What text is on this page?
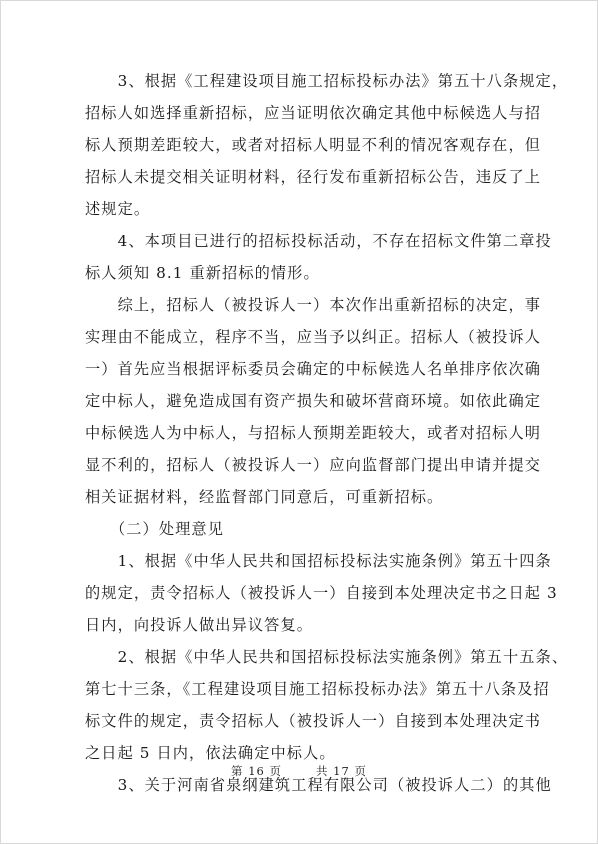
　　3、根据《工程建设项目施工招标投标办法》第五十八条规定，
招标人如选择重新招标，应当证明依次确定其他中标候选人与招
标人预期差距较大，或者对招标人明显不利的情况客观存在，但
招标人未提交相关证明材料，径行发布重新招标公告，违反了上
述规定。
　　4、本项目已进行的招标投标活动，不存在招标文件第二章投
标人须知 8.1 重新招标的情形。
　　综上，招标人（被投诉人一）本次作出重新招标的决定，事
实理由不能成立，程序不当，应当予以纠正。招标人（被投诉人
一）首先应当根据评标委员会确定的中标候选人名单排序依次确
定中标人，避免造成国有资产损失和破坏营商环境。如依此确定
中标候选人为中标人，与招标人预期差距较大，或者对招标人明
显不利的，招标人（被投诉人一）应向监督部门提出申请并提交
相关证据材料，经监督部门同意后，可重新招标。
　　（二）处理意见
　　1、根据《中华人民共和国招标投标法实施条例》第五十四条
的规定，责令招标人（被投诉人一）自接到本处理决定书之日起 3
日内，向投诉人做出异议答复。
　　2、根据《中华人民共和国招标投标法实施条例》第五十五条、
第七十三条，《工程建设项目施工招标投标办法》第五十八条及招
标文件的规定，责令招标人（被投诉人一）自接到本处理决定书
之日起 5 日内，依法确定中标人。
　　3、关于河南省泉纲建筑工程有限公司（被投诉人二）的其他
第 16 页	共 17 页
